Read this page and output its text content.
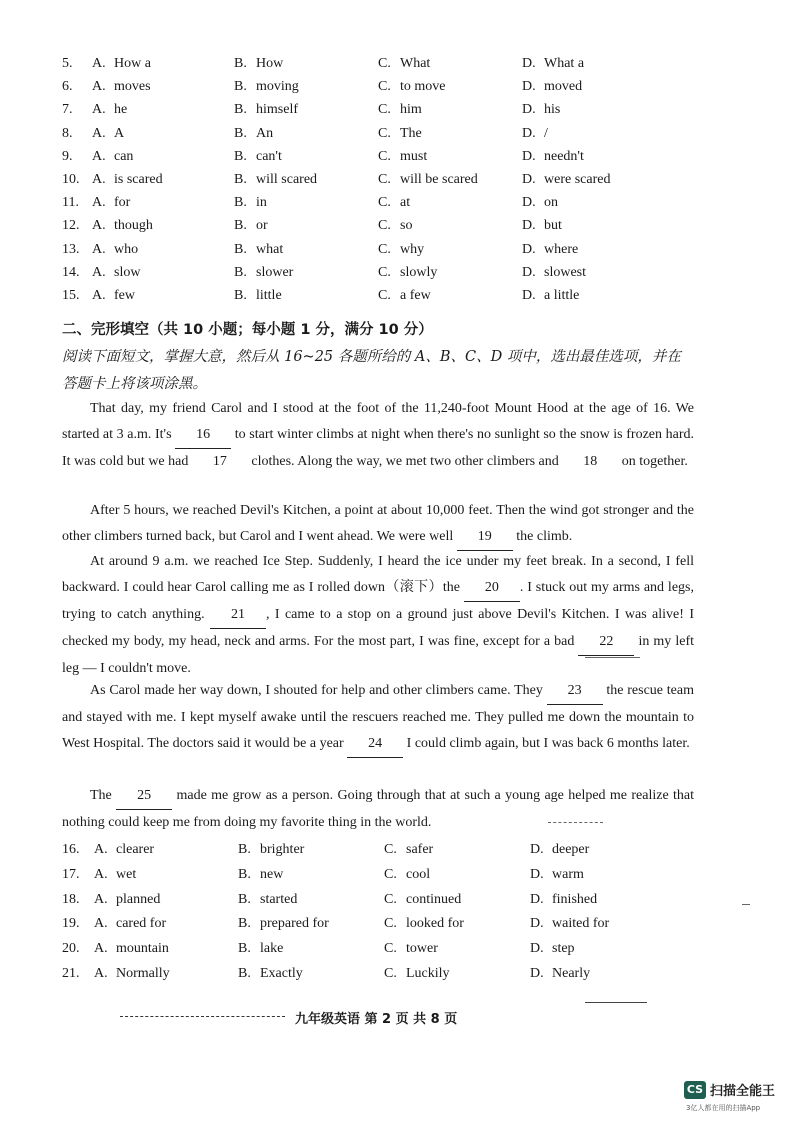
5.	A. How a	B. How	C. What	D. What a
6.	A. moves	B. moving	C. to move	D. moved
7.	A. he	B. himself	C. him	D. his
8.	A. A	B. An	C. The	D. /
9.	A. can	B. can't	C. must	D. needn't
10. A. is scared	B. will scared	C. will be scared	D. were scared
11. A. for	B. in	C. at	D. on
12. A. though	B. or	C. so	D. but
13. A. who	B. what	C. why	D. where
14. A. slow	B. slower	C. slowly	D. slowest
15. A. few	B. little	C. a few	D. a little
二、完形填空（共 10 小题；每小题 1 分，满分 10 分）
阅读下面短文，掌握大意，然后从 16~25 各题所给的 A、B、C、D 项中，选出最佳选项，并在答题卡上将该项涂黑。
That day, my friend Carol and I stood at the foot of the 11,240-foot Mount Hood at the age of 16. We started at 3 a.m. It's 16 to start winter climbs at night when there's no sunlight so the snow is frozen hard. It was cold but we had 17 clothes. Along the way, we met two other climbers and 18 on together.
After 5 hours, we reached Devil's Kitchen, a point at about 10,000 feet. Then the wind got stronger and the other climbers turned back, but Carol and I went ahead. We were well 19 the climb.
At around 9 a.m. we reached Ice Step. Suddenly, I heard the ice under my feet break. In a second, I fell backward. I could hear Carol calling me as I rolled down（滚下）the 20 . I stuck out my arms and legs, trying to catch anything. 21 , I came to a stop on a ground just above Devil's Kitchen. I was alive! I checked my body, my head, neck and arms. For the most part, I was fine, except for a bad 22 in my left leg — I couldn't move.
As Carol made her way down, I shouted for help and other climbers came. They 23 the rescue team and stayed with me. I kept myself awake until the rescuers reached me. They pulled me down the mountain to West Hospital. The doctors said it would be a year 24 I could climb again, but I was back 6 months later.
The 25 made me grow as a person. Going through that at such a young age helped me realize that nothing could keep me from doing my favorite thing in the world.
16.	A. clearer	B. brighter	C. safer	D. deeper
17.	A. wet	B. new	C. cool	D. warm
18.	A. planned	B. started	C. continued	D. finished
19.	A. cared for	B. prepared for	C. looked for	D. waited for
20.	A. mountain	B. lake	C. tower	D. step
21.	A. Normally	B. Exactly	C. Luckily	D. Nearly
九年级英语 第 2 页 共 8 页
CS 扫描全能王
3亿人都在用的扫描App
